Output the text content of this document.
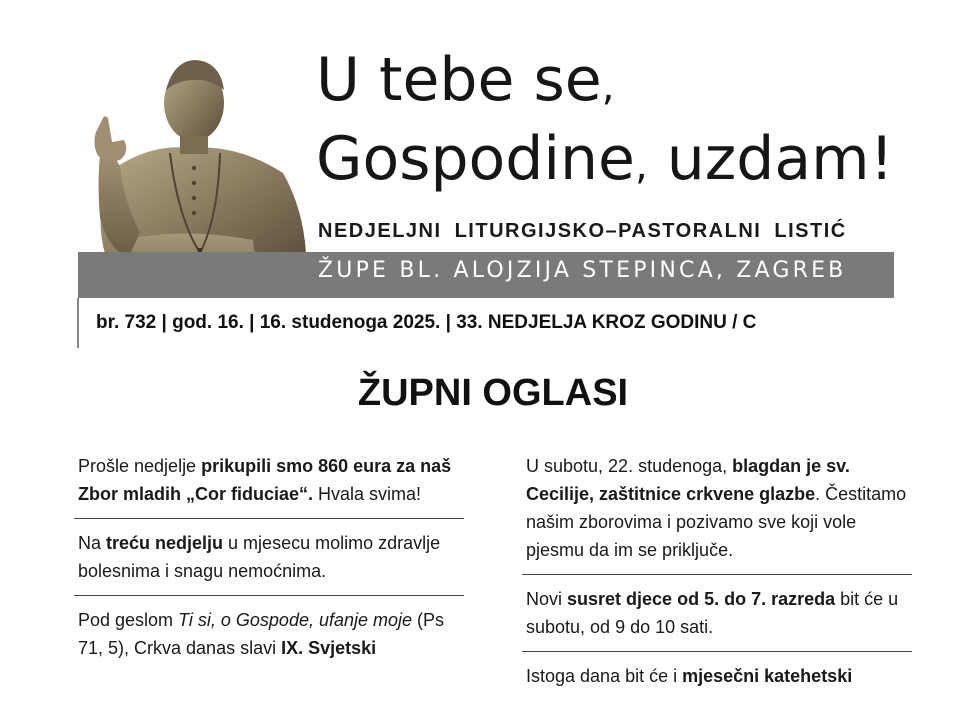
U tebe se,
Gospodine, uzdam!
NEDJELJNI LITURGIJSKO–PASTORALNI LISTIĆ
ŽUPE BL. ALOJZIJA STEPINCA, ZAGREB
br. 732 | god. 16. | 16. studenoga 2025. | 33. NEDJELJA KROZ GODINU / C
ŽUPNI OGLASI
Prošle nedjelje prikupili smo 860 eura za naš Zbor mladih „Cor fiduciae“. Hvala svima!
Na treću nedjelju u mjesecu molimo zdravlje bolesnima i snagu nemoćnima.
Pod geslom Ti si, o Gospode, ufanje moje (Ps 71, 5), Crkva danas slavi IX. Svjetski
U subotu, 22. studenoga, blagdan je sv. Cecilije, zaštitnice crkvene glazbe. Čestitamo našim zborovima i pozivamo sve koji vole pjesmu da im se priključe.
Novi susret djece od 5. do 7. razreda bit će u subotu, od 9 do 10 sati.
Istoga dana bit će i mjesečni katehetski
